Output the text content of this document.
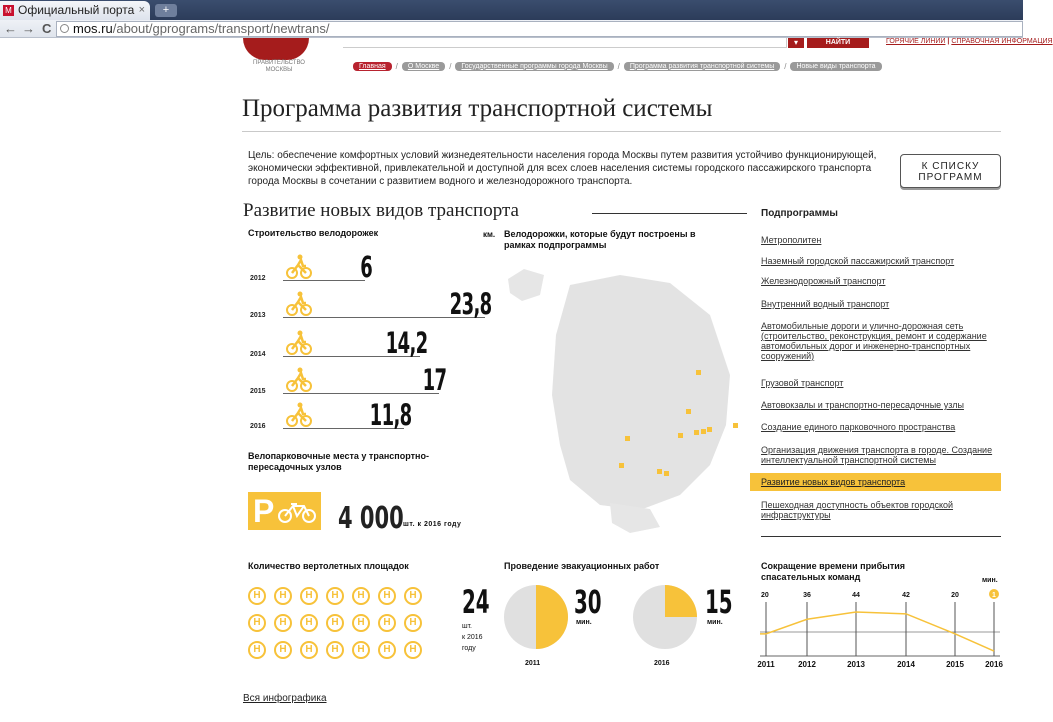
M Официальный порта ×	+
← → C	mos.ru/about/gprograms/transport/newtrans/
ПРАВИТЕЛЬСТВО МОСКВЫ
▾	НАЙТИ	ГОРЯЧИЕ ЛИНИИ | СПРАВОЧНАЯ ИНФОРМАЦИЯ
Главная	/	О Москве	/	Государственные программы города Москвы	/	Программа развития транспортной системы	/	Новые виды транспорта
Программа развития транспортной системы
Цель: обеспечение комфортных условий жизнедеятельности населения города Москвы путем развития устойчиво функционирующей, экономически эффективной, привлекательной и доступной для всех слоев населения системы городского пассажирского транспорта города Москвы в сочетании с развитием водного и железнодорожного транспорта.
К СПИСКУ ПРОГРАММ
Развитие новых видов транспорта
Строительство велодорожек
2012	6
2013	23,8
2014	14,2
2015	17
2016	11,8
км. Велодорожки, которые будут построены в рамках подпрограммы
Велопарковочные места у транспортно-пересадочных узлов
P 4 000 шт. к 2016 году
Количество вертолетных площадок
H	H	H	H	H	H	H
H	H	H	H	H	H	H
H	H	H	H	H	H	H
24
шт.
к 2016
году
Проведение эвакуационных работ
30
мин.
2011
15
мин.
2016
Сокращение времени прибытия спасательных команд	мин.
2011	2012	2013	2014	2015	2016
20	36	44	42	20	1
Подпрограммы
Метрополитен
Наземный городской пассажирский транспорт
Железнодорожный транспорт
Внутренний водный транспорт
Автомобильные дороги и улично-дорожная сеть (строительство, реконструкция, ремонт и содержание автомобильных дорог и инженерно-транспортных сооружений)
Грузовой транспорт
Автовокзалы и транспортно-пересадочные узлы
Создание единого парковочного пространства
Организация движения транспорта в городе. Создание интеллектуальной транспортной системы
Развитие новых видов транспорта
Пешеходная доступность объектов городской инфраструктуры
Вся инфографика
